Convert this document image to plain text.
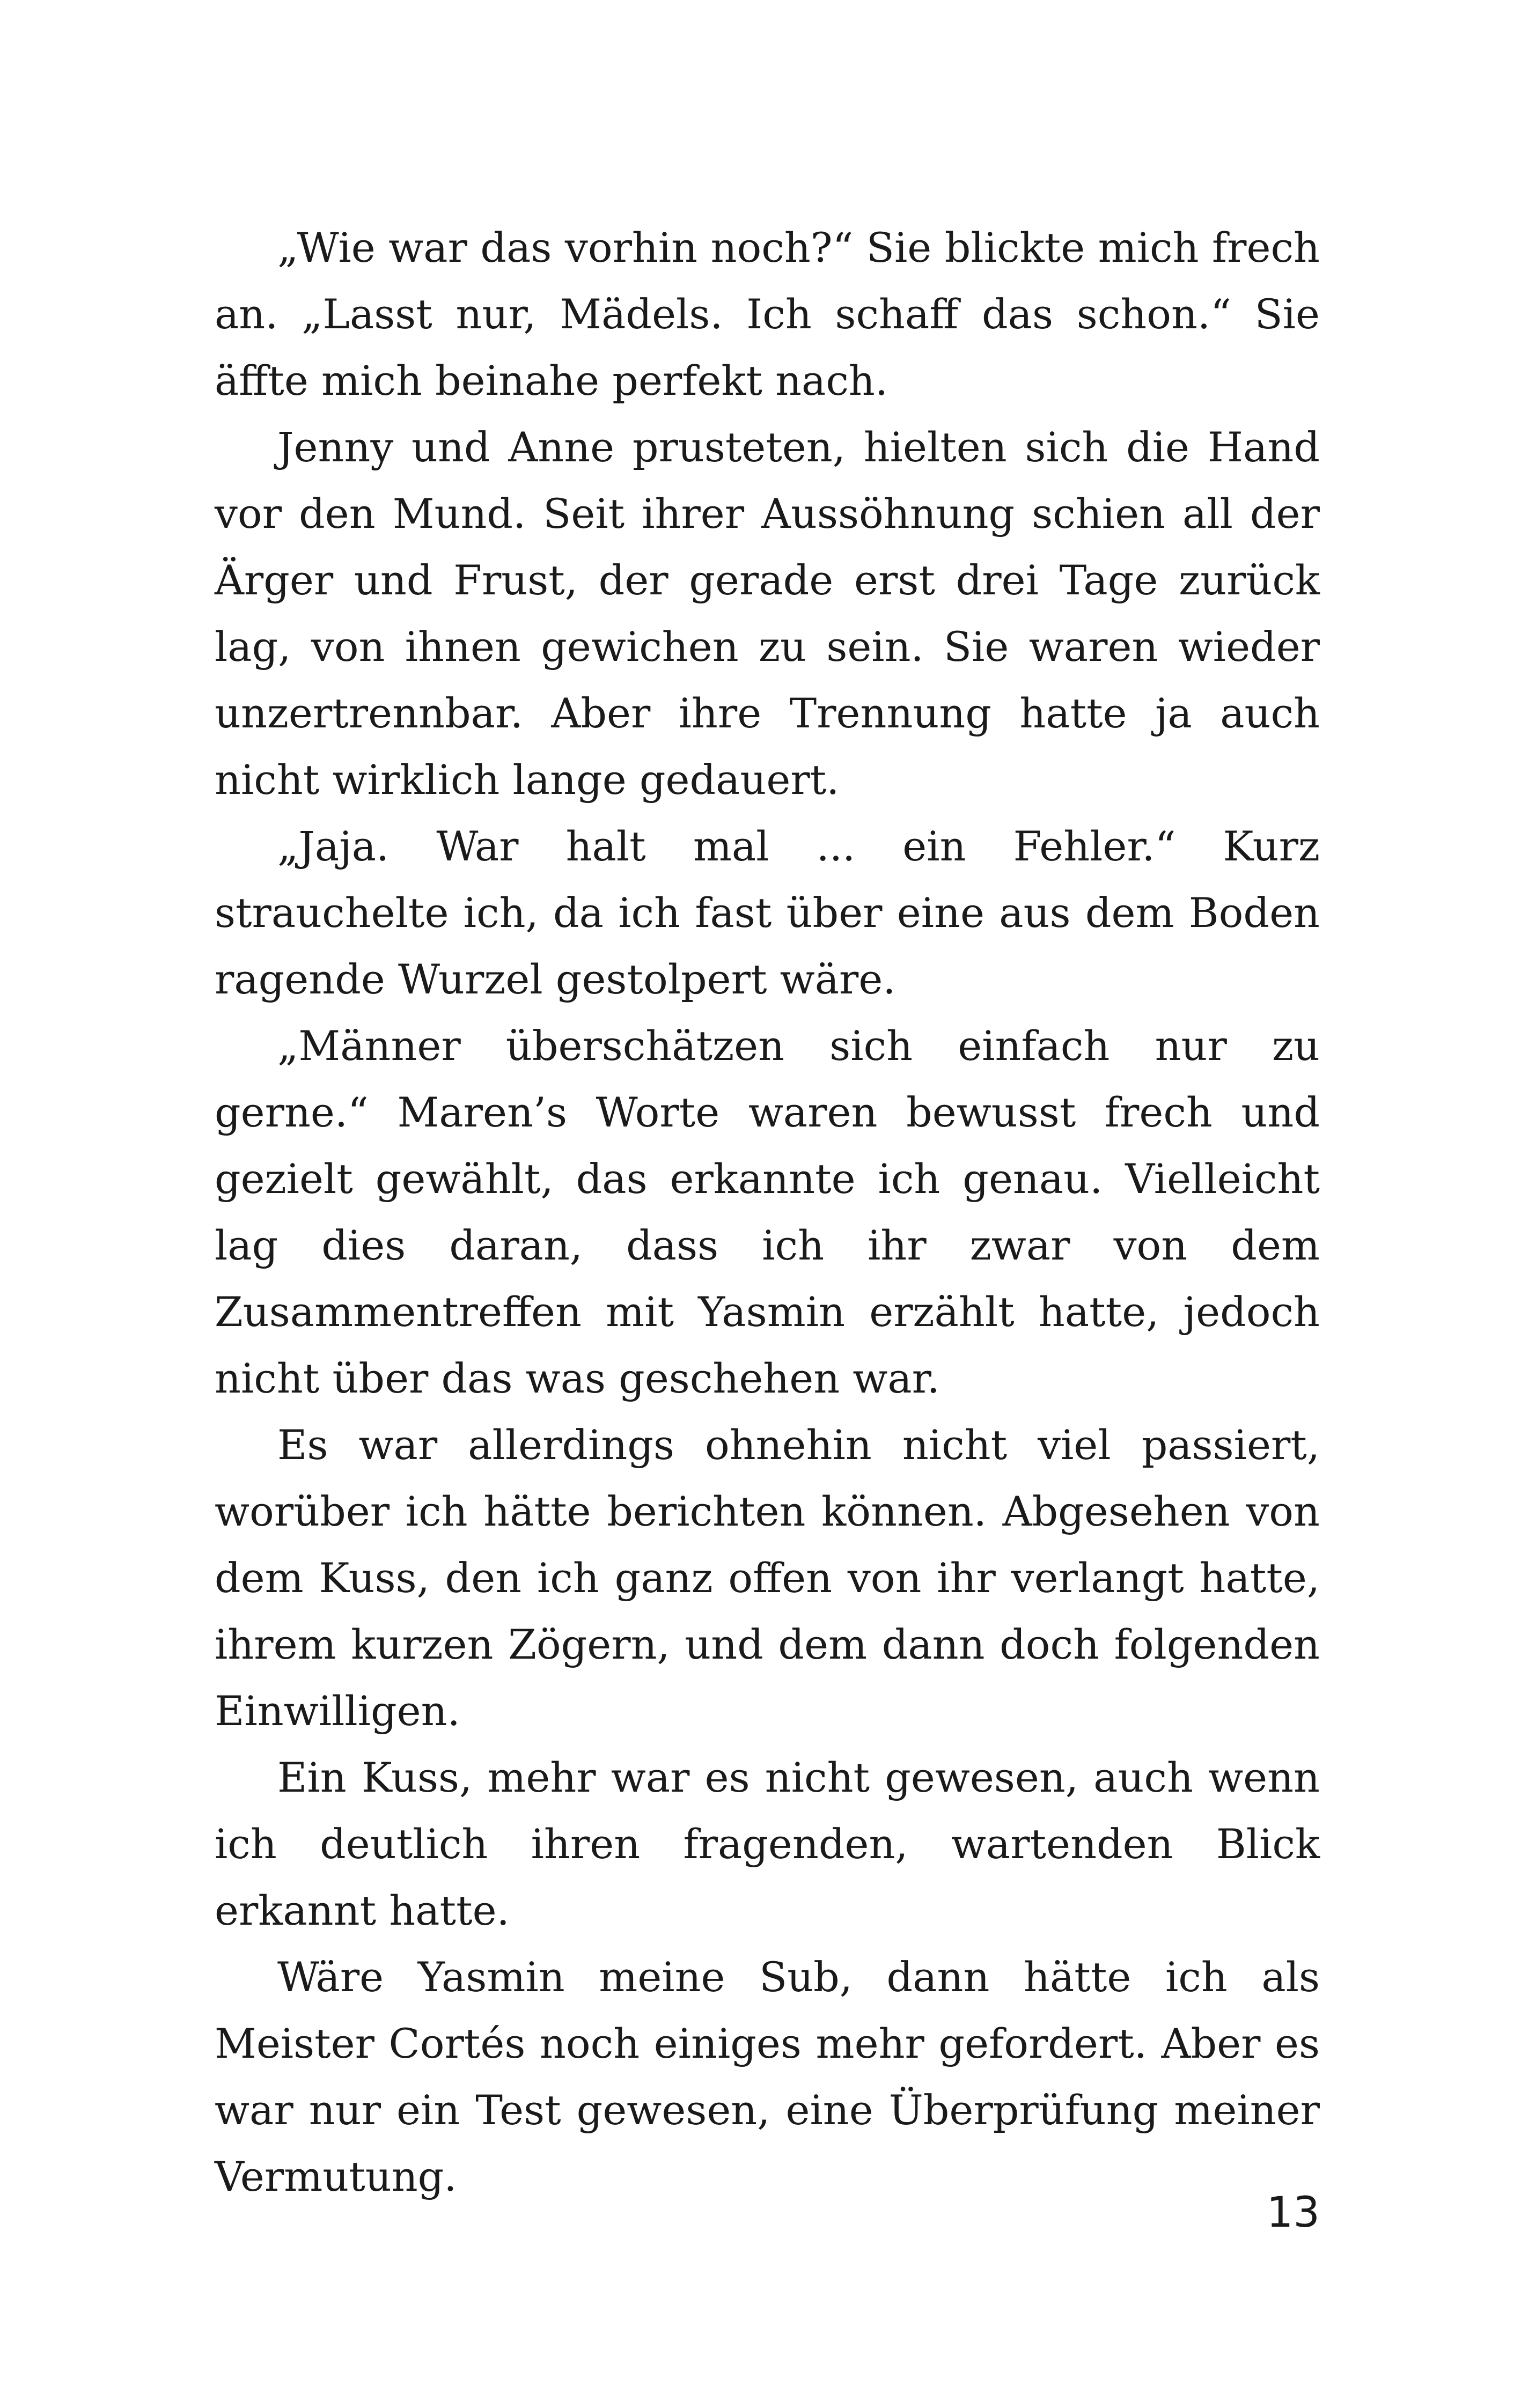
„Wie war das vorhin noch?“ Sie blickte mich frech an. „Lasst nur, Mädels. Ich schaff das schon.“ Sie äffte mich beinahe perfekt nach.

Jenny und Anne prusteten, hielten sich die Hand vor den Mund. Seit ihrer Aussöhnung schien all der Ärger und Frust, der gerade erst drei Tage zurück lag, von ihnen gewichen zu sein. Sie waren wieder unzertrennbar. Aber ihre Trennung hatte ja auch nicht wirklich lange gedauert.

„Jaja. War halt mal ... ein Fehler.“ Kurz strauchelte ich, da ich fast über eine aus dem Boden ragende Wurzel gestolpert wäre.

„Männer überschätzen sich einfach nur zu gerne.“ Maren’s Worte waren bewusst frech und gezielt gewählt, das erkannte ich genau. Vielleicht lag dies daran, dass ich ihr zwar von dem Zusammentreffen mit Yasmin erzählt hatte, jedoch nicht über das was geschehen war.

Es war allerdings ohnehin nicht viel passiert, worüber ich hätte berichten können. Abgesehen von dem Kuss, den ich ganz offen von ihr verlangt hatte, ihrem kurzen Zögern, und dem dann doch folgenden Einwilligen.

Ein Kuss, mehr war es nicht gewesen, auch wenn ich deutlich ihren fragenden, wartenden Blick erkannt hatte.

Wäre Yasmin meine Sub, dann hätte ich als Meister Cortés noch einiges mehr gefordert. Aber es war nur ein Test gewesen, eine Überprüfung meiner Vermutung.

13
